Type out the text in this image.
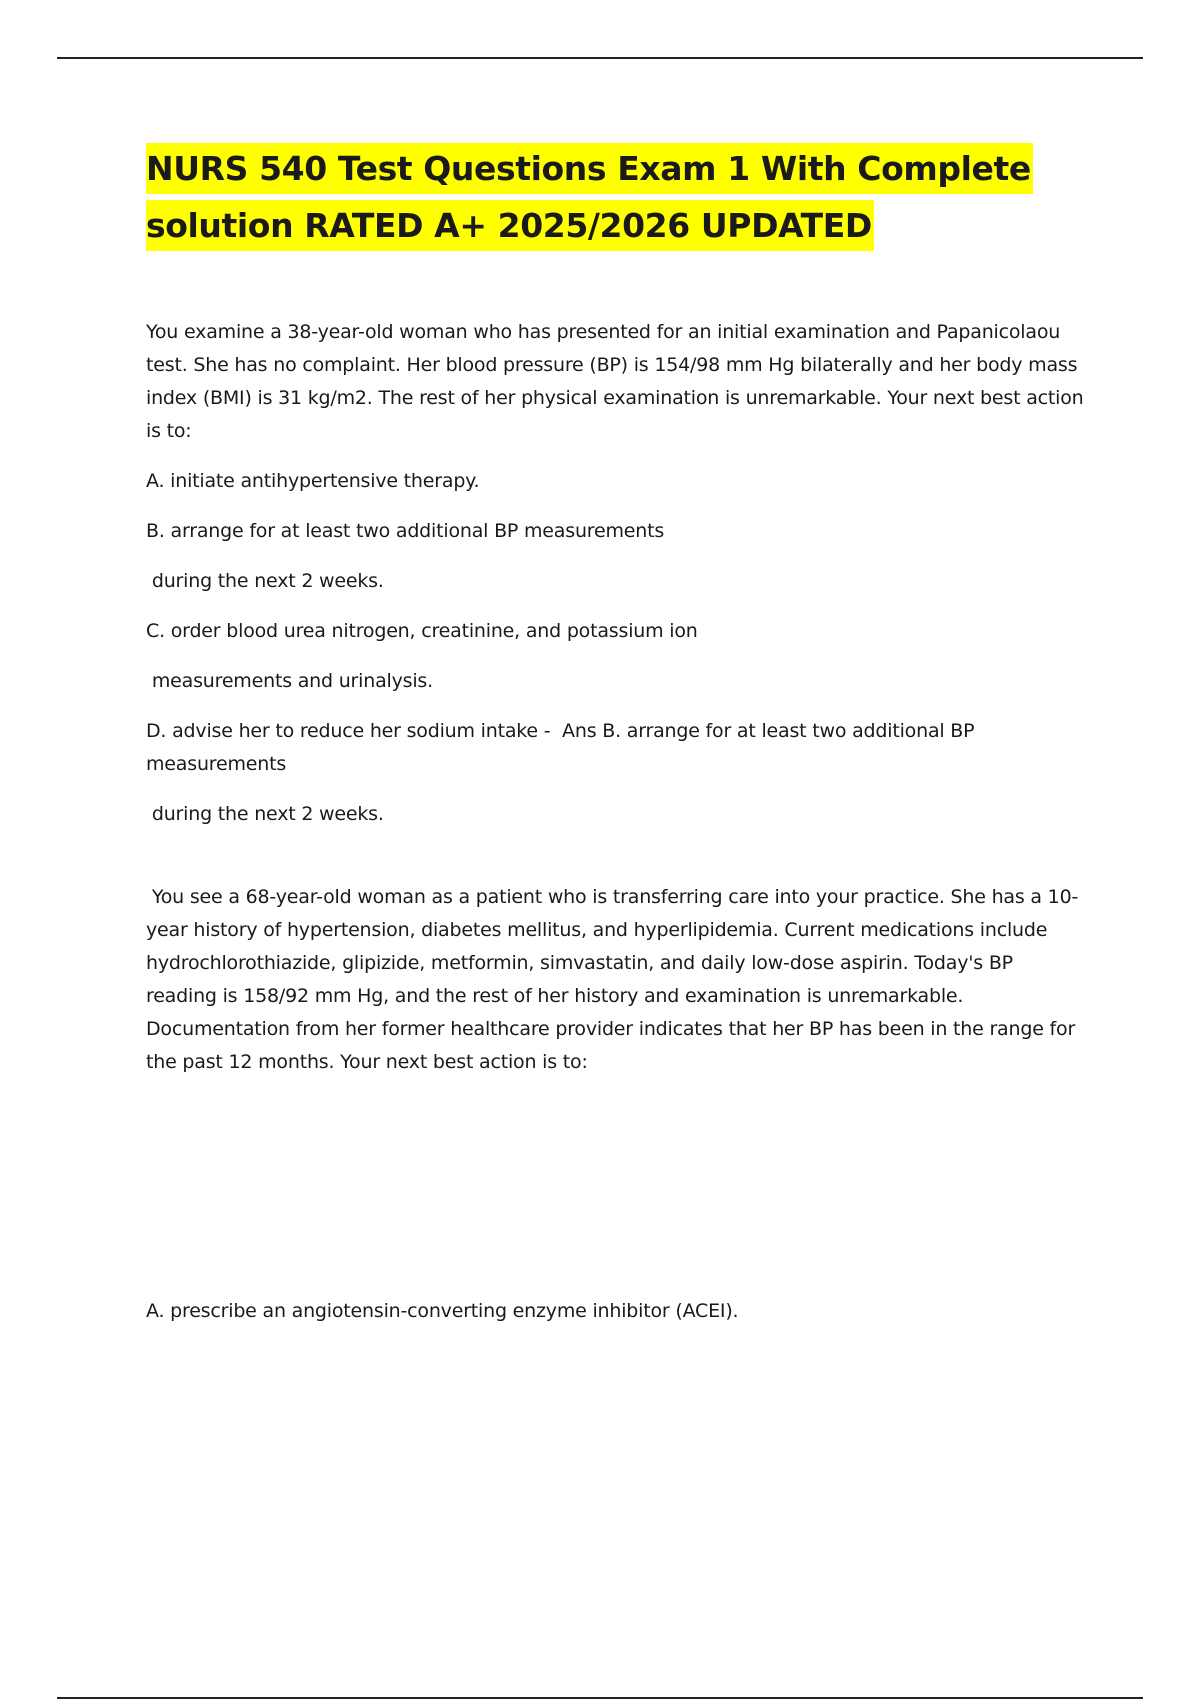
NURS 540 Test Questions Exam 1 With Complete solution RATED A+ 2025/2026 UPDATED

You examine a 38-year-old woman who has presented for an initial examination and Papanicolaou test. She has no complaint. Her blood pressure (BP) is 154/98 mm Hg bilaterally and her body mass index (BMI) is 31 kg/m2. The rest of her physical examination is unremarkable. Your next best action is to:

A. initiate antihypertensive therapy.

B. arrange for at least two additional BP measurements

during the next 2 weeks.

C. order blood urea nitrogen, creatinine, and potassium ion

measurements and urinalysis.

D. advise her to reduce her sodium intake -  Ans B. arrange for at least two additional BP measurements

during the next 2 weeks.

You see a 68-year-old woman as a patient who is transferring care into your practice. She has a 10-year history of hypertension, diabetes mellitus, and hyperlipidemia. Current medications include hydrochlorothiazide, glipizide, metformin, simvastatin, and daily low-dose aspirin. Today's BP reading is 158/92 mm Hg, and the rest of her history and examination is unremarkable. Documentation from her former healthcare provider indicates that her BP has been in the range for the past 12 months. Your next best action is to:

A. prescribe an angiotensin-converting enzyme inhibitor (ACEI).
